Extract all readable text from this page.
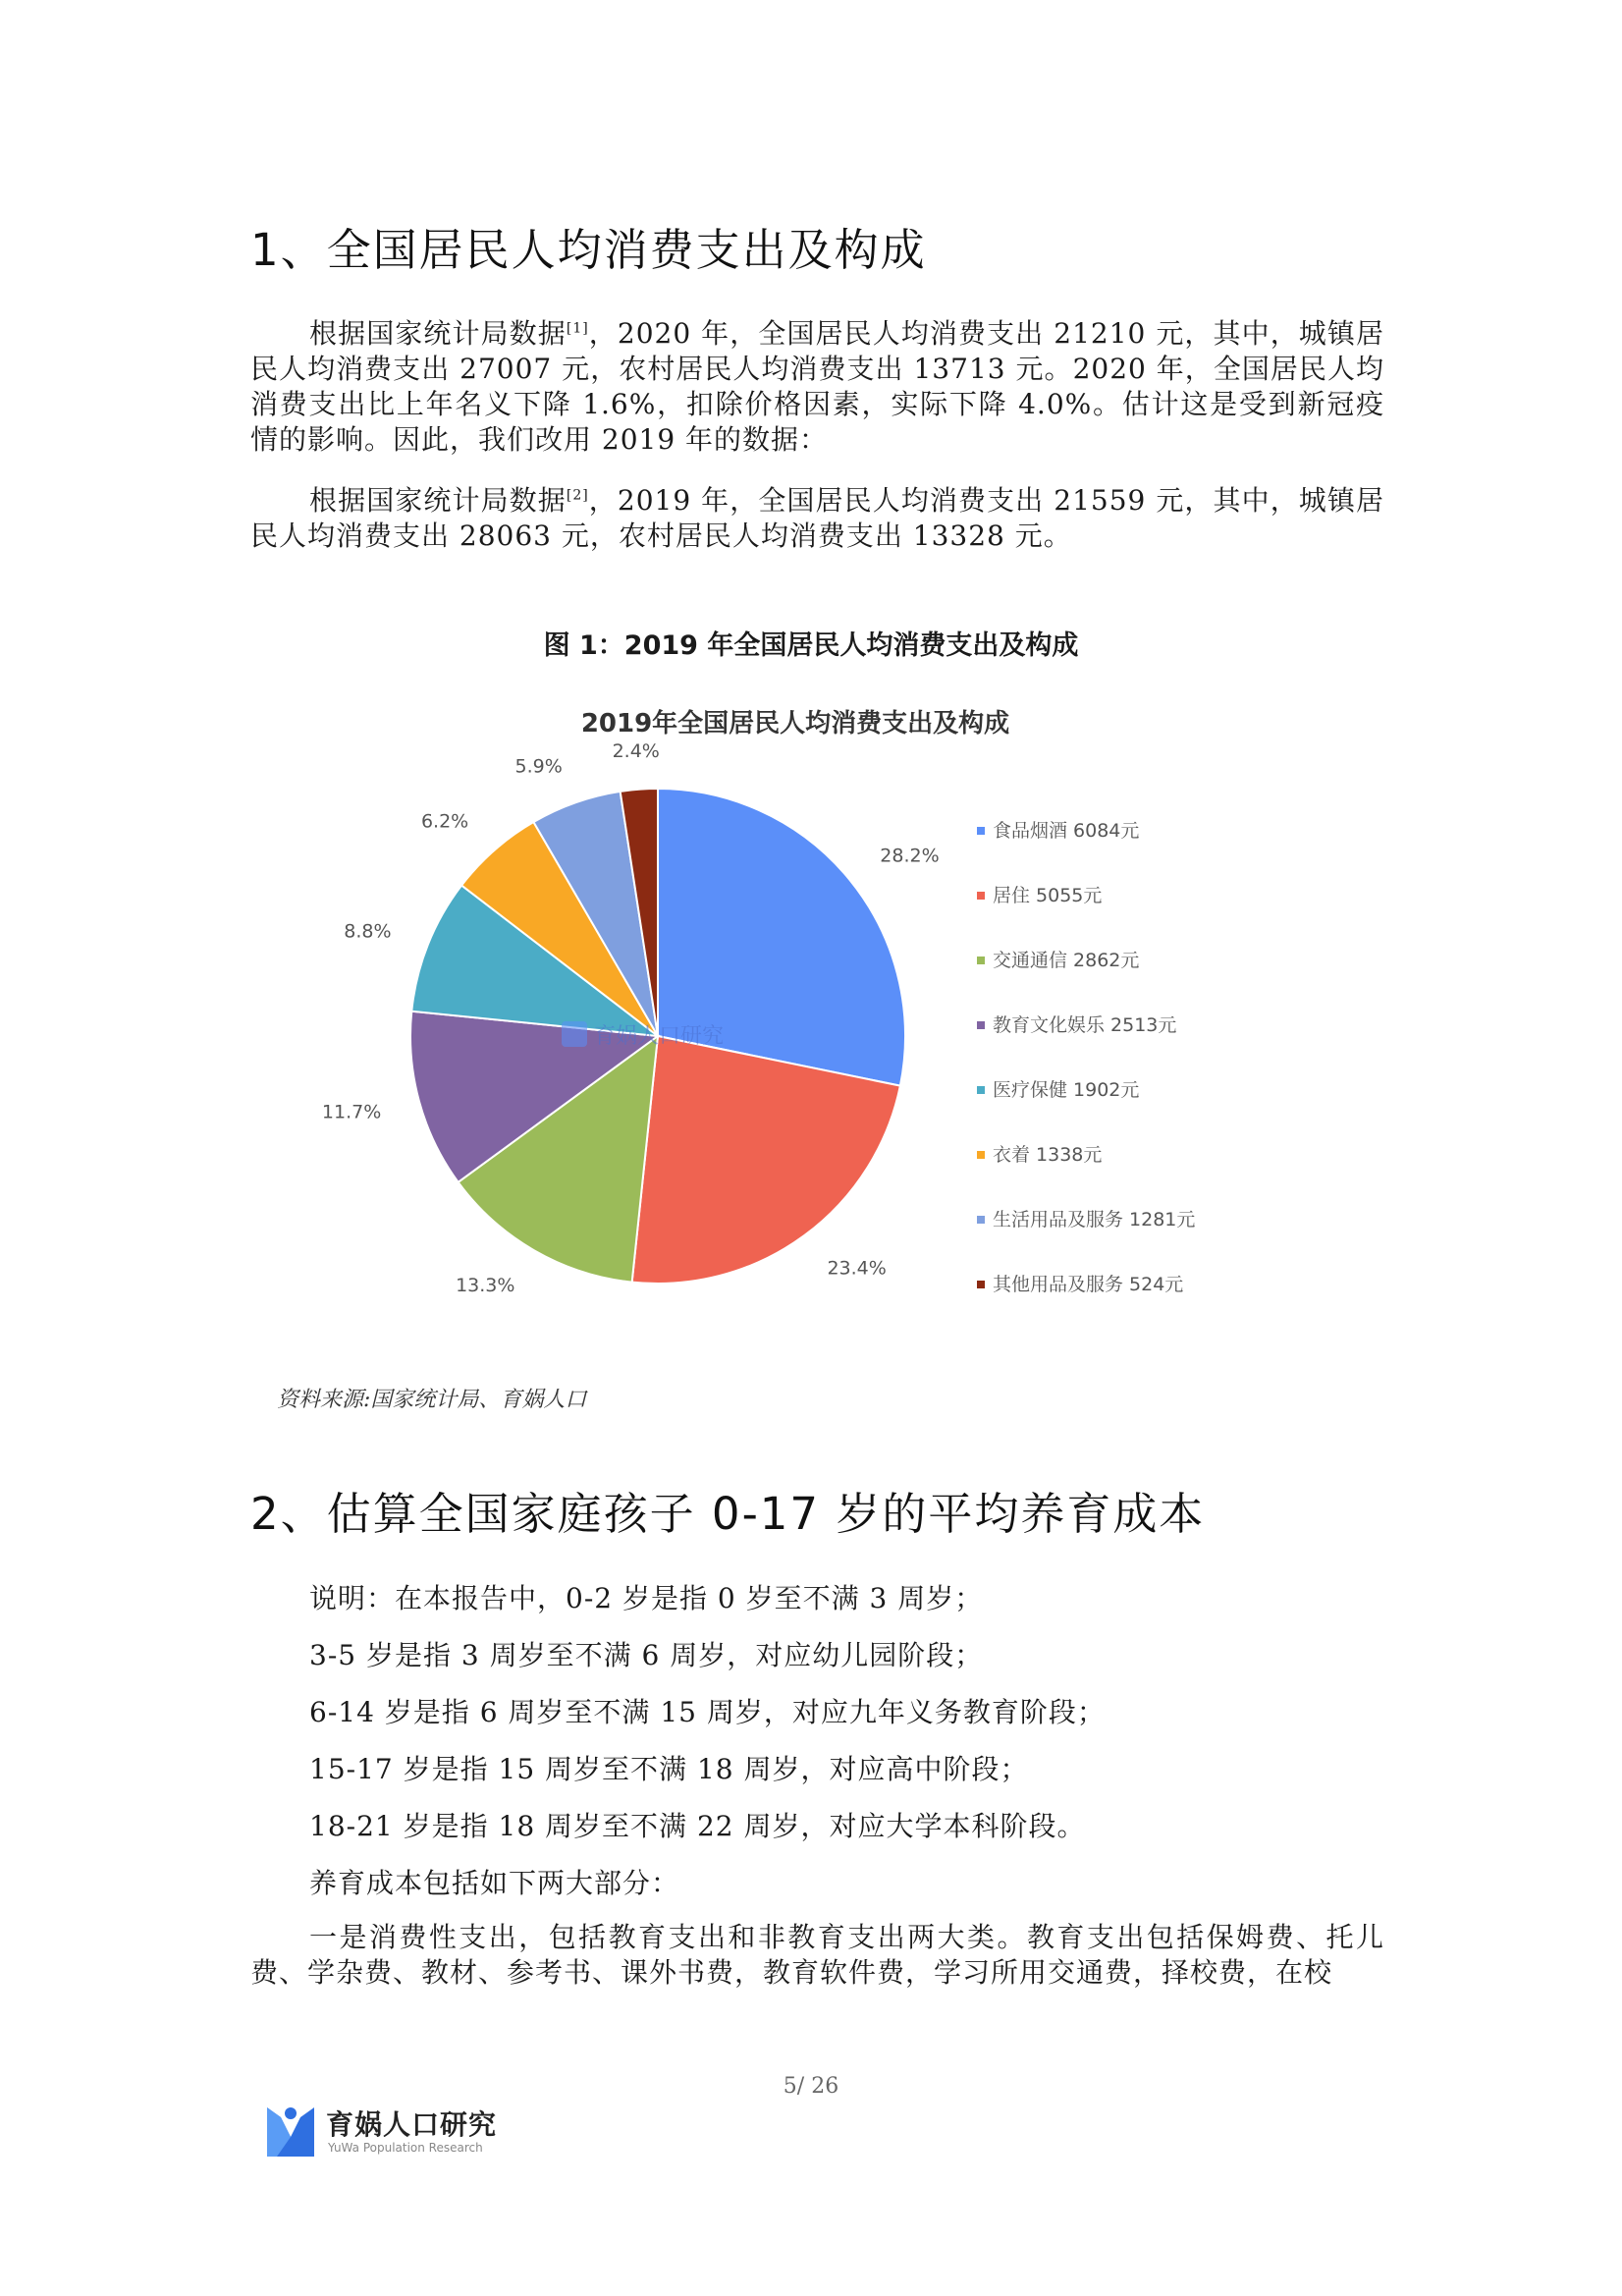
1、全国居民人均消费支出及构成
根据国家统计局数据[1]，2020 年，全国居民人均消费支出 21210 元，其中，城镇居民人均消费支出 27007 元，农村居民人均消费支出 13713 元。2020 年，全国居民人均消费支出比上年名义下降 1.6%，扣除价格因素，实际下降 4.0%。估计这是受到新冠疫情的影响。因此，我们改用 2019 年的数据：
根据国家统计局数据[2]，2019 年，全国居民人均消费支出 21559 元，其中，城镇居民人均消费支出 28063 元，农村居民人均消费支出 13328 元。
图 1：2019 年全国居民人均消费支出及构成
2019年全国居民人均消费支出及构成
28.2%
23.4%
13.3%
11.7%
8.8%
6.2%
5.9%
2.4%
育娲人口研究
食品烟酒 6084元
居住 5055元
交通通信 2862元
教育文化娱乐 2513元
医疗保健 1902元
衣着 1338元
生活用品及服务 1281元
其他用品及服务 524元
资料来源:国家统计局、育娲人口
2、估算全国家庭孩子 0-17 岁的平均养育成本
说明：在本报告中，0-2 岁是指 0 岁至不满 3 周岁；
3-5 岁是指 3 周岁至不满 6 周岁，对应幼儿园阶段；
6-14 岁是指 6 周岁至不满 15 周岁，对应九年义务教育阶段；
15-17 岁是指 15 周岁至不满 18 周岁，对应高中阶段；
18-21 岁是指 18 周岁至不满 22 周岁，对应大学本科阶段。
养育成本包括如下两大部分：
一是消费性支出，包括教育支出和非教育支出两大类。教育支出包括保姆费、托儿费、学杂费、教材、参考书、课外书费，教育软件费，学习所用交通费，择校费，在校
5/ 26
育娲人口研究
YuWa Population Research
